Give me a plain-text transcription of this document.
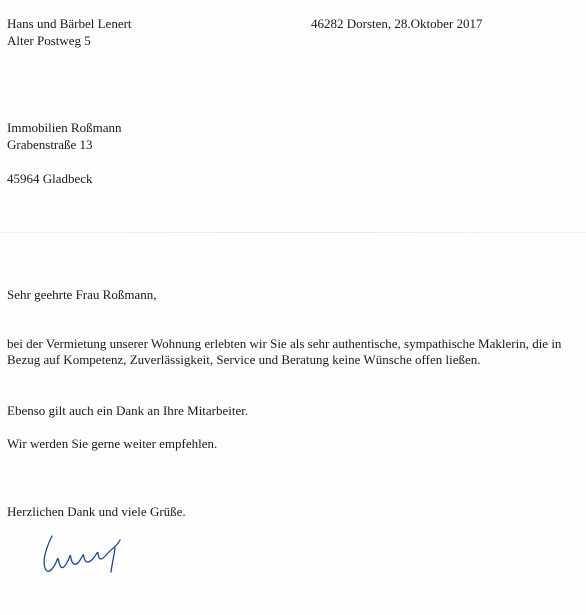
Hans und Bärbel Lenert
Alter Postweg 5
46282 Dorsten, 28.Oktober 2017
Immobilien Roßmann
Grabenstraße 13
45964 Gladbeck
Sehr geehrte Frau Roßmann,
bei der Vermietung unserer Wohnung erlebten wir Sie als sehr authentische, sympathische Maklerin, die in Bezug auf Kompetenz, Zuverlässigkeit, Service und Beratung keine Wünsche offen ließen.
Ebenso gilt auch ein Dank an Ihre Mitarbeiter.
Wir werden Sie gerne weiter empfehlen.
Herzlichen Dank und viele Grüße.
